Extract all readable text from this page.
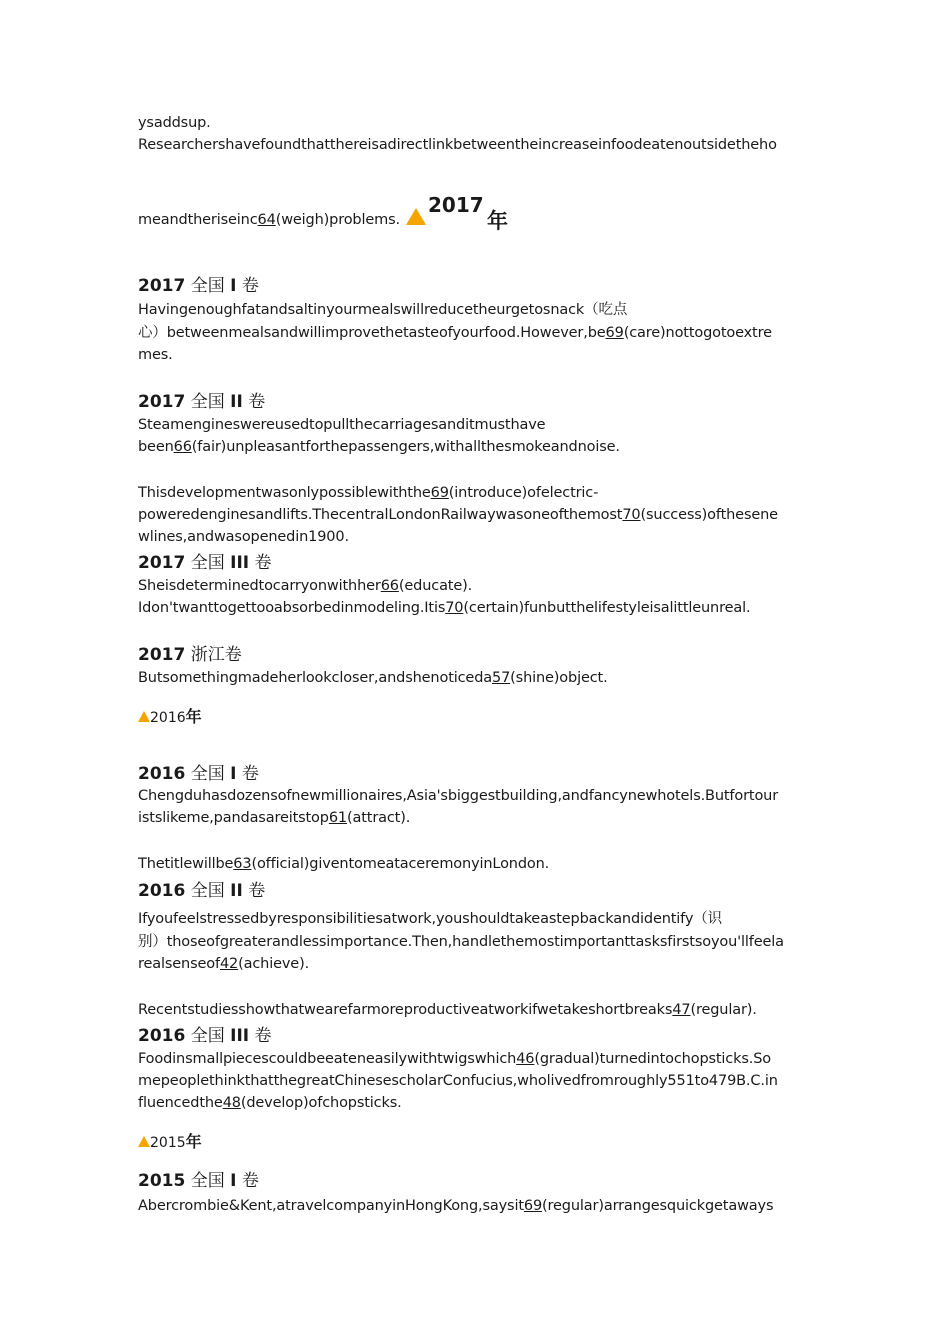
ysaddsup.
Researchershavefoundthatthereisadirectlinkbetweentheincreaseinfoodeatenoutsidetheho
meandtheriseinc64(weigh)problems.
2017
年
2017 全国 I 卷
Havingenoughfatandsaltinyourmealswillreducetheurgetosnack（吃点
心）betweenmealsandwillimprovethetasteofyourfood.However,be69(care)nottogotoextre
mes.
2017 全国 II 卷
Steamengineswereusedtopullthecarriagesanditmusthave
been66(fair)unpleasantforthepassengers,withallthesmokeandnoise.
Thisdevelopmentwasonlypossiblewiththe69(introduce)ofelectric-
poweredenginesandlifts.ThecentralLondonRailwaywasoneofthemost70(success)ofthesene
wlines,andwasopenedin1900.
2017 全国 III 卷
Sheisdeterminedtocarryonwithher66(educate).
Idon'twanttogettooabsorbedinmodeling.Itis70(certain)funbutthelifestyleisalittleunreal.
2017 浙江卷
Butsomethingmadeherlookcloser,andshenoticeda57(shine)object.
2016年
2016 全国 I 卷
Chengduhasdozensofnewmillionaires,Asia'sbiggestbuilding,andfancynewhotels.Butfortour
istslikeme,pandasareitstop61(attract).
Thetitlewillbe63(official)giventomeataceremonyinLondon.
2016 全国 II 卷
Ifyoufeelstressedbyresponsibilitiesatwork,youshouldtakeastepbackandidentify（识
别）thoseofgreaterandlessimportance.Then,handlethemostimportanttasksfirstsoyou'llfeela
realsenseof42(achieve).
Recentstudiesshowthatwearefarmoreproductiveatworkifwetakeshortbreaks47(regular).
2016 全国 III 卷
Foodinsmallpiecescouldbeeateneasilywithtwigswhich46(gradual)turnedintochopsticks.So
mepeoplethinkthatthegreatChinesescholarConfucius,wholivedfromroughly551to479B.C.in
fluencedthe48(develop)ofchopsticks.
2015年
2015 全国 I 卷
Abercrombie&Kent,atravelcompanyinHongKong,saysit69(regular)arrangesquickgetaways
